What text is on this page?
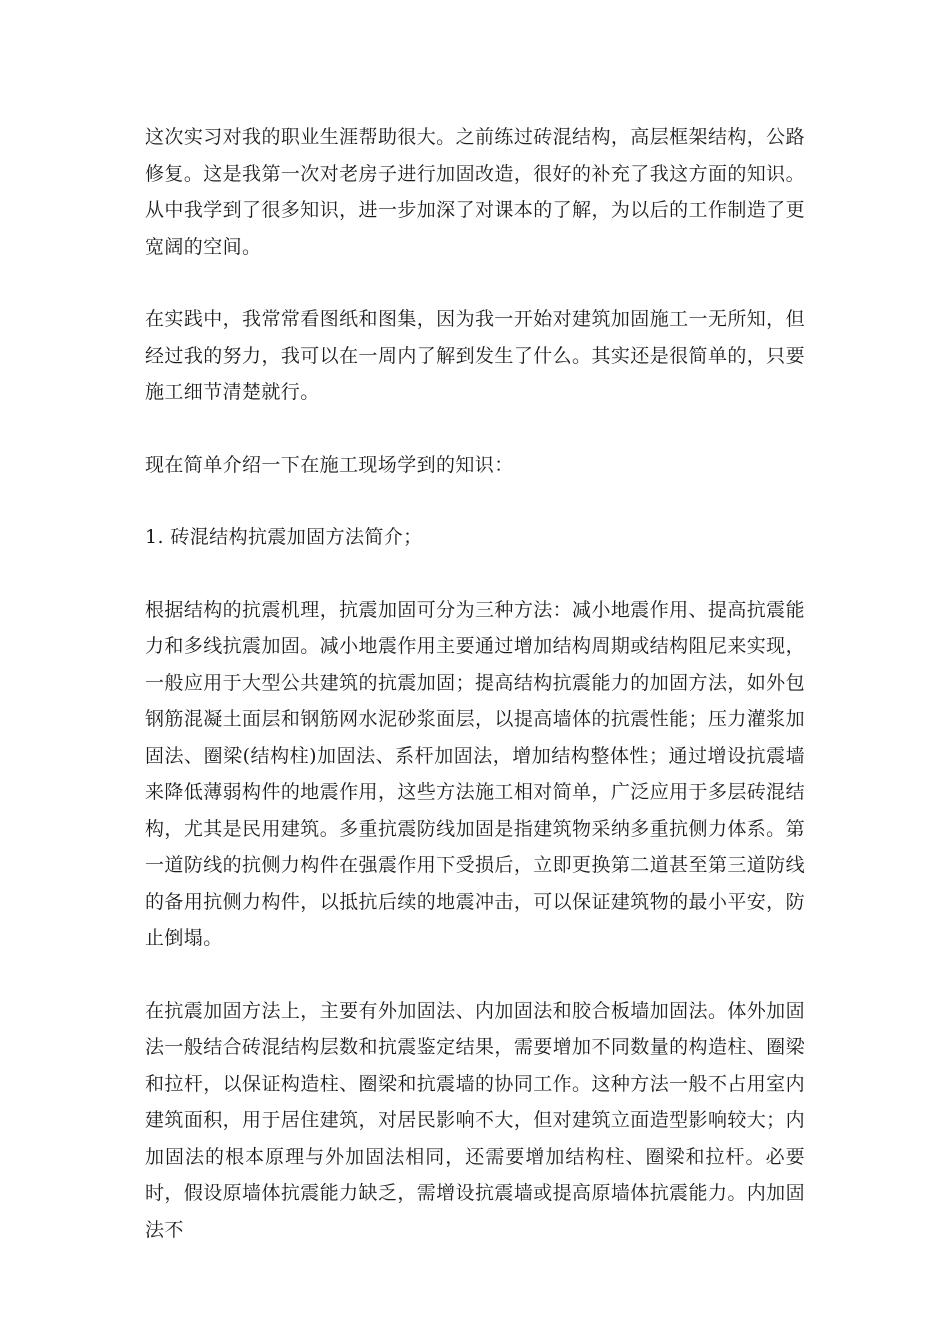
这次实习对我的职业生涯帮助很大。之前练过砖混结构，高层框架结构，公路修复。这是我第一次对老房子进行加固改造，很好的补充了我这方面的知识。从中我学到了很多知识，进一步加深了对课本的了解，为以后的工作制造了更宽阔的空间。

在实践中，我常常看图纸和图集，因为我一开始对建筑加固施工一无所知，但经过我的努力，我可以在一周内了解到发生了什么。其实还是很简单的，只要施工细节清楚就行。

现在简单介绍一下在施工现场学到的知识：

1. 砖混结构抗震加固方法简介；

根据结构的抗震机理，抗震加固可分为三种方法：减小地震作用、提高抗震能力和多线抗震加固。减小地震作用主要通过增加结构周期或结构阻尼来实现，一般应用于大型公共建筑的抗震加固；提高结构抗震能力的加固方法，如外包钢筋混凝土面层和钢筋网水泥砂浆面层，以提高墙体的抗震性能；压力灌浆加固法、圈梁(结构柱)加固法、系杆加固法，增加结构整体性；通过增设抗震墙来降低薄弱构件的地震作用，这些方法施工相对简单，广泛应用于多层砖混结构，尤其是民用建筑。多重抗震防线加固是指建筑物采纳多重抗侧力体系。第一道防线的抗侧力构件在强震作用下受损后，立即更换第二道甚至第三道防线的备用抗侧力构件，以抵抗后续的地震冲击，可以保证建筑物的最小平安，防止倒塌。

在抗震加固方法上，主要有外加固法、内加固法和胶合板墙加固法。体外加固法一般结合砖混结构层数和抗震鉴定结果，需要增加不同数量的构造柱、圈梁和拉杆，以保证构造柱、圈梁和抗震墙的协同工作。这种方法一般不占用室内建筑面积，用于居住建筑，对居民影响不大，但对建筑立面造型影响较大；内加固法的根本原理与外加固法相同，还需要增加结构柱、圈梁和拉杆。必要时，假设原墙体抗震能力缺乏，需增设抗震墙或提高原墙体抗震能力。内加固法不
